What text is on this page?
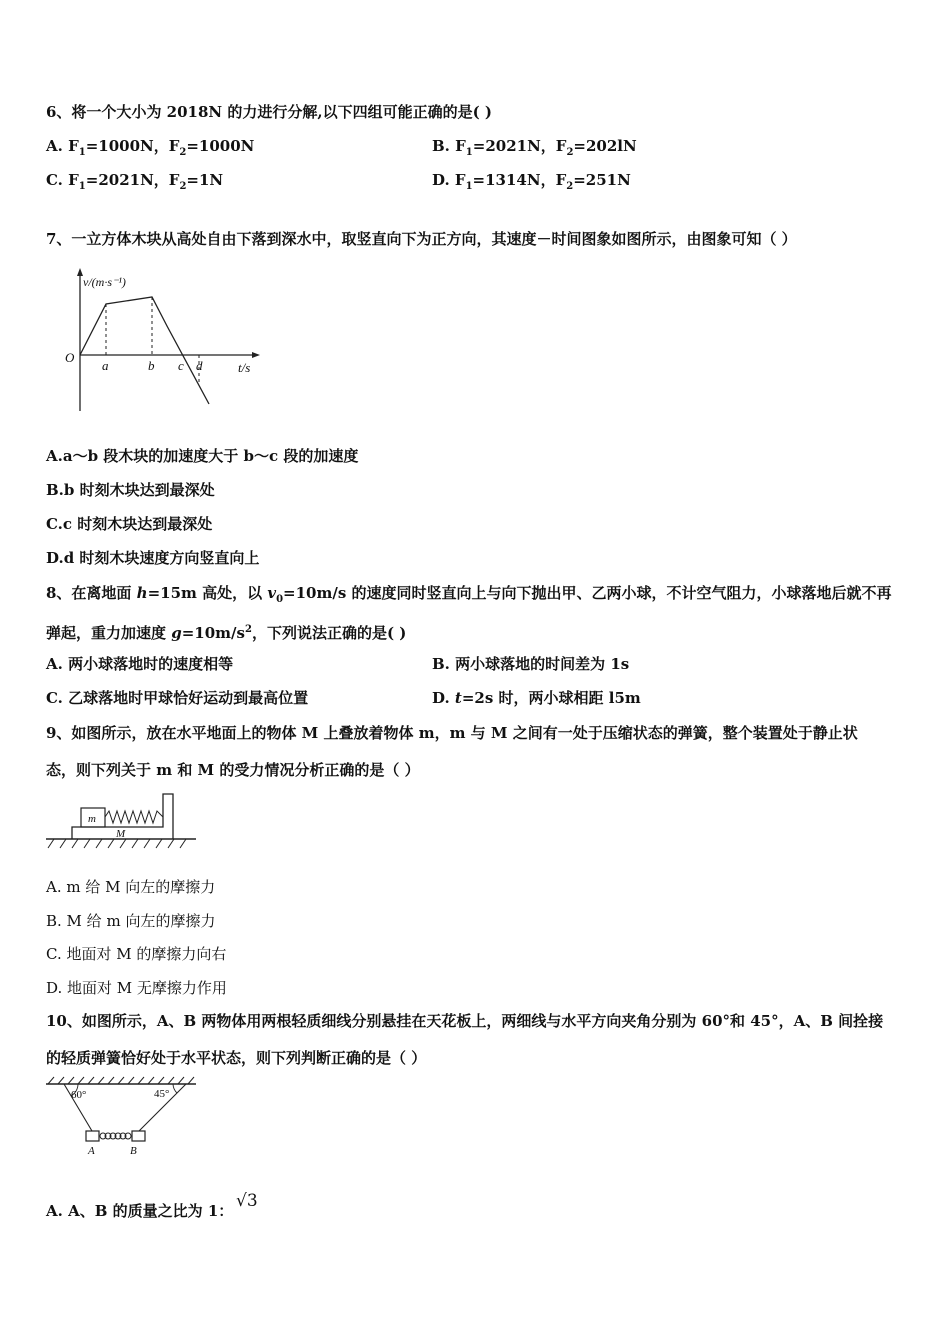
6、将一个大小为 2018N 的力进行分解,以下四组可能正确的是( )
A. $F_1=1000N$，$F_2=1000N$	B. $F_1=2021N$，$F_2=202lN$
C. $F_1=2021N$，$F_2=1N$	D. $F_1=1314N$，$F_2=251N$
7、一立方体木块从高处自由下落到深水中，取竖直向下为正方向，其速度－时间图象如图所示，由图象可知（ ）
v/(m·s⁻¹)
O
a	b c d	t/s
A.a～b 段木块的加速度大于 b～c 段的加速度
B.b 时刻木块达到最深处
C.c 时刻木块达到最深处
D.d 时刻木块速度方向竖直向上
8、在离地面 h=15m 高处，以 $v_0=10m/s$ 的速度同时竖直向上与向下抛出甲、乙两小球，不计空气阻力，小球落地后就不再
弹起，重力加速度 $g=10m/s^2$，下列说法正确的是( )
A. 两小球落地时的速度相等	B. 两小球落地的时间差为 1s
C. 乙球落地时甲球恰好运动到最高位置	D. t=2s 时，两小球相距 l5m
9、如图所示，放在水平地面上的物体 M 上叠放着物体 m，m 与 M 之间有一处于压缩状态的弹簧，整个装置处于静止状
态，则下列关于 m 和 M 的受力情况分析正确的是（ ）
m
M
A. m 给 M 向左的摩擦力
B. M 给 m 向左的摩擦力
C. 地面对 M 的摩擦力向右
D. 地面对 M 无摩擦力作用
10、如图所示，A、B 两物体用两根轻质细线分别悬挂在天花板上，两细线与水平方向夹角分别为 60°和 45°，A、B 间拴接
的轻质弹簧恰好处于水平状态，则下列判断正确的是（ ）
60°	45°
A	B
A. A、B 的质量之比为 1： √3
